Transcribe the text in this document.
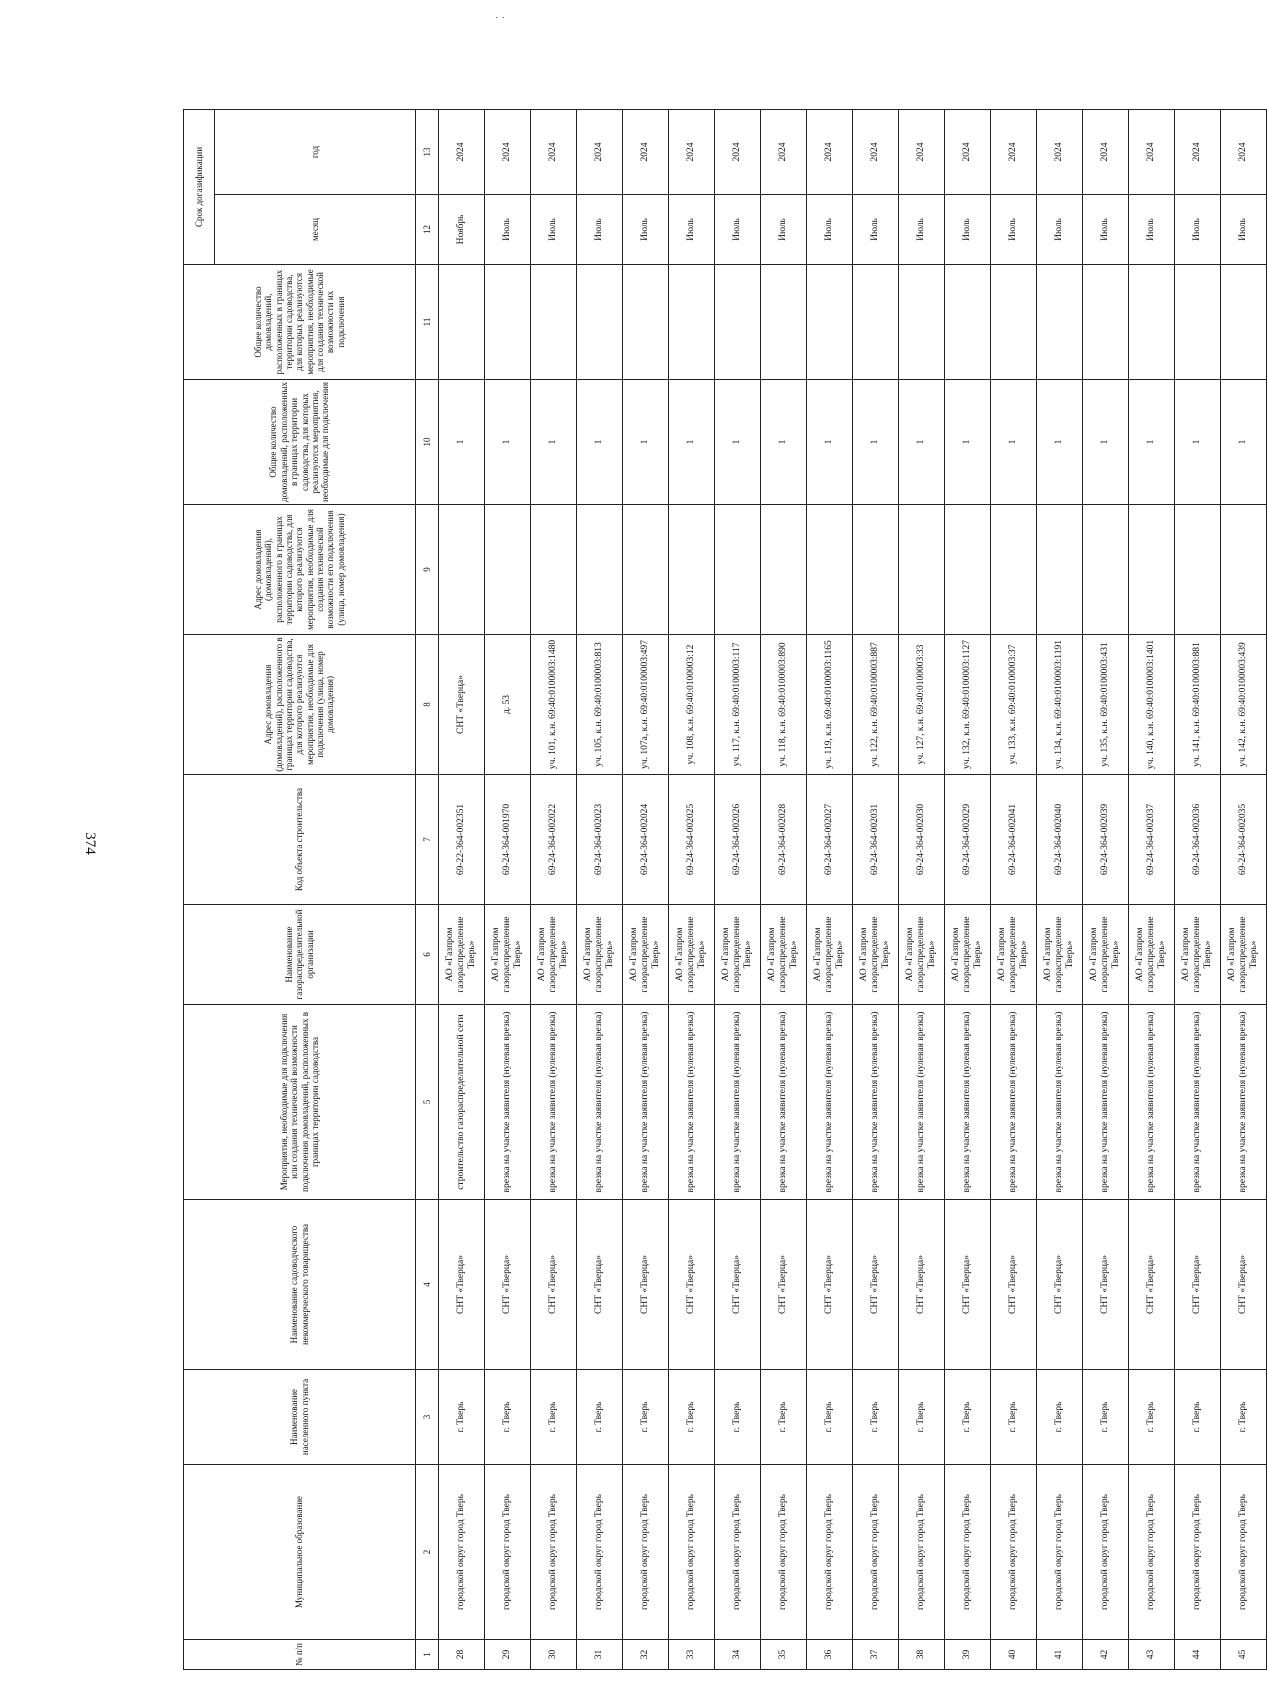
· ·
374
№ п/п	Муниципальное образование	Наименование населенного пункта	Наименование садоводческого некоммерческого товарищества	Мероприятия, необходимые для подключения или создания технической возможности подключения домовладений, расположенных в границах территории садоводства	Наименование газораспределительной организации	Код объекта строительства	Адрес домовладения (домовладений), расположенного в границах территории садоводства, для которого реализуются мероприятия, необходимые для подключения (улица, номер домовладения)	Адрес домовладения (домовладений), расположенного в границах территории садоводства, для которого реализуются мероприятия, необходимые для создания технической возможности его подключения (улица, номер домовладения)	Общее количество домовладений, расположенных в границах территории садоводства, для которых реализуются мероприятия, необходимые для подключения	Общее количество домовладений, расположенных в границах территории садоводства, для которых реализуются мероприятия, необходимые для создания технической возможности их подключения	Срок догазификации	
											месяц	год
1	2	3	4	5	6	7	8	9	10	11	12	13
28	городской округ город Тверь	г. Тверь	СНТ «Тверца»	строительство газораспределительной сети	АО «Газпром газораспределение Тверь»	69-22-364-002351	СНТ «Тверца»		1		Ноябрь	2024
29	городской округ город Тверь	г. Тверь	СНТ «Тверца»	врезка на участке заявителя (нулевая врезка)	АО «Газпром газораспределение Тверь»	69-24-364-001970	д. 53		1		Июль	2024
30	городской округ город Тверь	г. Тверь	СНТ «Тверца»	врезка на участке заявителя (нулевая врезка)	АО «Газпром газораспределение Тверь»	69-24-364-002022	уч. 101, к.н. 69:40:0100003:1480		1		Июль	2024
31	городской округ город Тверь	г. Тверь	СНТ «Тверца»	врезка на участке заявителя (нулевая врезка)	АО «Газпром газораспределение Тверь»	69-24-364-002023	уч. 105, к.н. 69:40:0100003:813		1		Июль	2024
32	городской округ город Тверь	г. Тверь	СНТ «Тверца»	врезка на участке заявителя (нулевая врезка)	АО «Газпром газораспределение Тверь»	69-24-364-002024	уч. 107а, к.н. 69:40:0100003:497		1		Июль	2024
33	городской округ город Тверь	г. Тверь	СНТ «Тверца»	врезка на участке заявителя (нулевая врезка)	АО «Газпром газораспределение Тверь»	69-24-364-002025	уч. 108, к.н. 69:40:0100003:12		1		Июль	2024
34	городской округ город Тверь	г. Тверь	СНТ «Тверца»	врезка на участке заявителя (нулевая врезка)	АО «Газпром газораспределение Тверь»	69-24-364-002026	уч. 117, к.н. 69:40:0100003:117		1		Июль	2024
35	городской округ город Тверь	г. Тверь	СНТ «Тверца»	врезка на участке заявителя (нулевая врезка)	АО «Газпром газораспределение Тверь»	69-24-364-002028	уч. 118, к.н. 69:40:0100003:890		1		Июль	2024
36	городской округ город Тверь	г. Тверь	СНТ «Тверца»	врезка на участке заявителя (нулевая врезка)	АО «Газпром газораспределение Тверь»	69-24-364-002027	уч. 119, к.н. 69:40:0100003:1165		1		Июль	2024
37	городской округ город Тверь	г. Тверь	СНТ «Тверца»	врезка на участке заявителя (нулевая врезка)	АО «Газпром газораспределение Тверь»	69-24-364-002031	уч. 122, к.н. 69:40:0100003:887		1		Июль	2024
38	городской округ город Тверь	г. Тверь	СНТ «Тверца»	врезка на участке заявителя (нулевая врезка)	АО «Газпром газораспределение Тверь»	69-24-364-002030	уч. 127, к.н. 69:40:0100003:33		1		Июль	2024
39	городской округ город Тверь	г. Тверь	СНТ «Тверца»	врезка на участке заявителя (нулевая врезка)	АО «Газпром газораспределение Тверь»	69-24-364-002029	уч. 132, к.н. 69:40:0100003:1127		1		Июль	2024
40	городской округ город Тверь	г. Тверь	СНТ «Тверца»	врезка на участке заявителя (нулевая врезка)	АО «Газпром газораспределение Тверь»	69-24-364-002041	уч. 133, к.н. 69:40:0100003:37		1		Июль	2024
41	городской округ город Тверь	г. Тверь	СНТ «Тверца»	врезка на участке заявителя (нулевая врезка)	АО «Газпром газораспределение Тверь»	69-24-364-002040	уч. 134, к.н. 69:40:0100003:1191		1		Июль	2024
42	городской округ город Тверь	г. Тверь	СНТ «Тверца»	врезка на участке заявителя (нулевая врезка)	АО «Газпром газораспределение Тверь»	69-24-364-002039	уч. 135, к.н. 69:40:0100003:431		1		Июль	2024
43	городской округ город Тверь	г. Тверь	СНТ «Тверца»	врезка на участке заявителя (нулевая врезка)	АО «Газпром газораспределение Тверь»	69-24-364-002037	уч. 140, к.н. 69:40:0100003:1401		1		Июль	2024
44	городской округ город Тверь	г. Тверь	СНТ «Тверца»	врезка на участке заявителя (нулевая врезка)	АО «Газпром газораспределение Тверь»	69-24-364-002036	уч. 141, к.н. 69:40:0100003:881		1		Июль	2024
45	городской округ город Тверь	г. Тверь	СНТ «Тверца»	врезка на участке заявителя (нулевая врезка)	АО «Газпром газораспределение Тверь»	69-24-364-002035	уч. 142, к.н. 69:40:0100003:439		1		Июль	2024
